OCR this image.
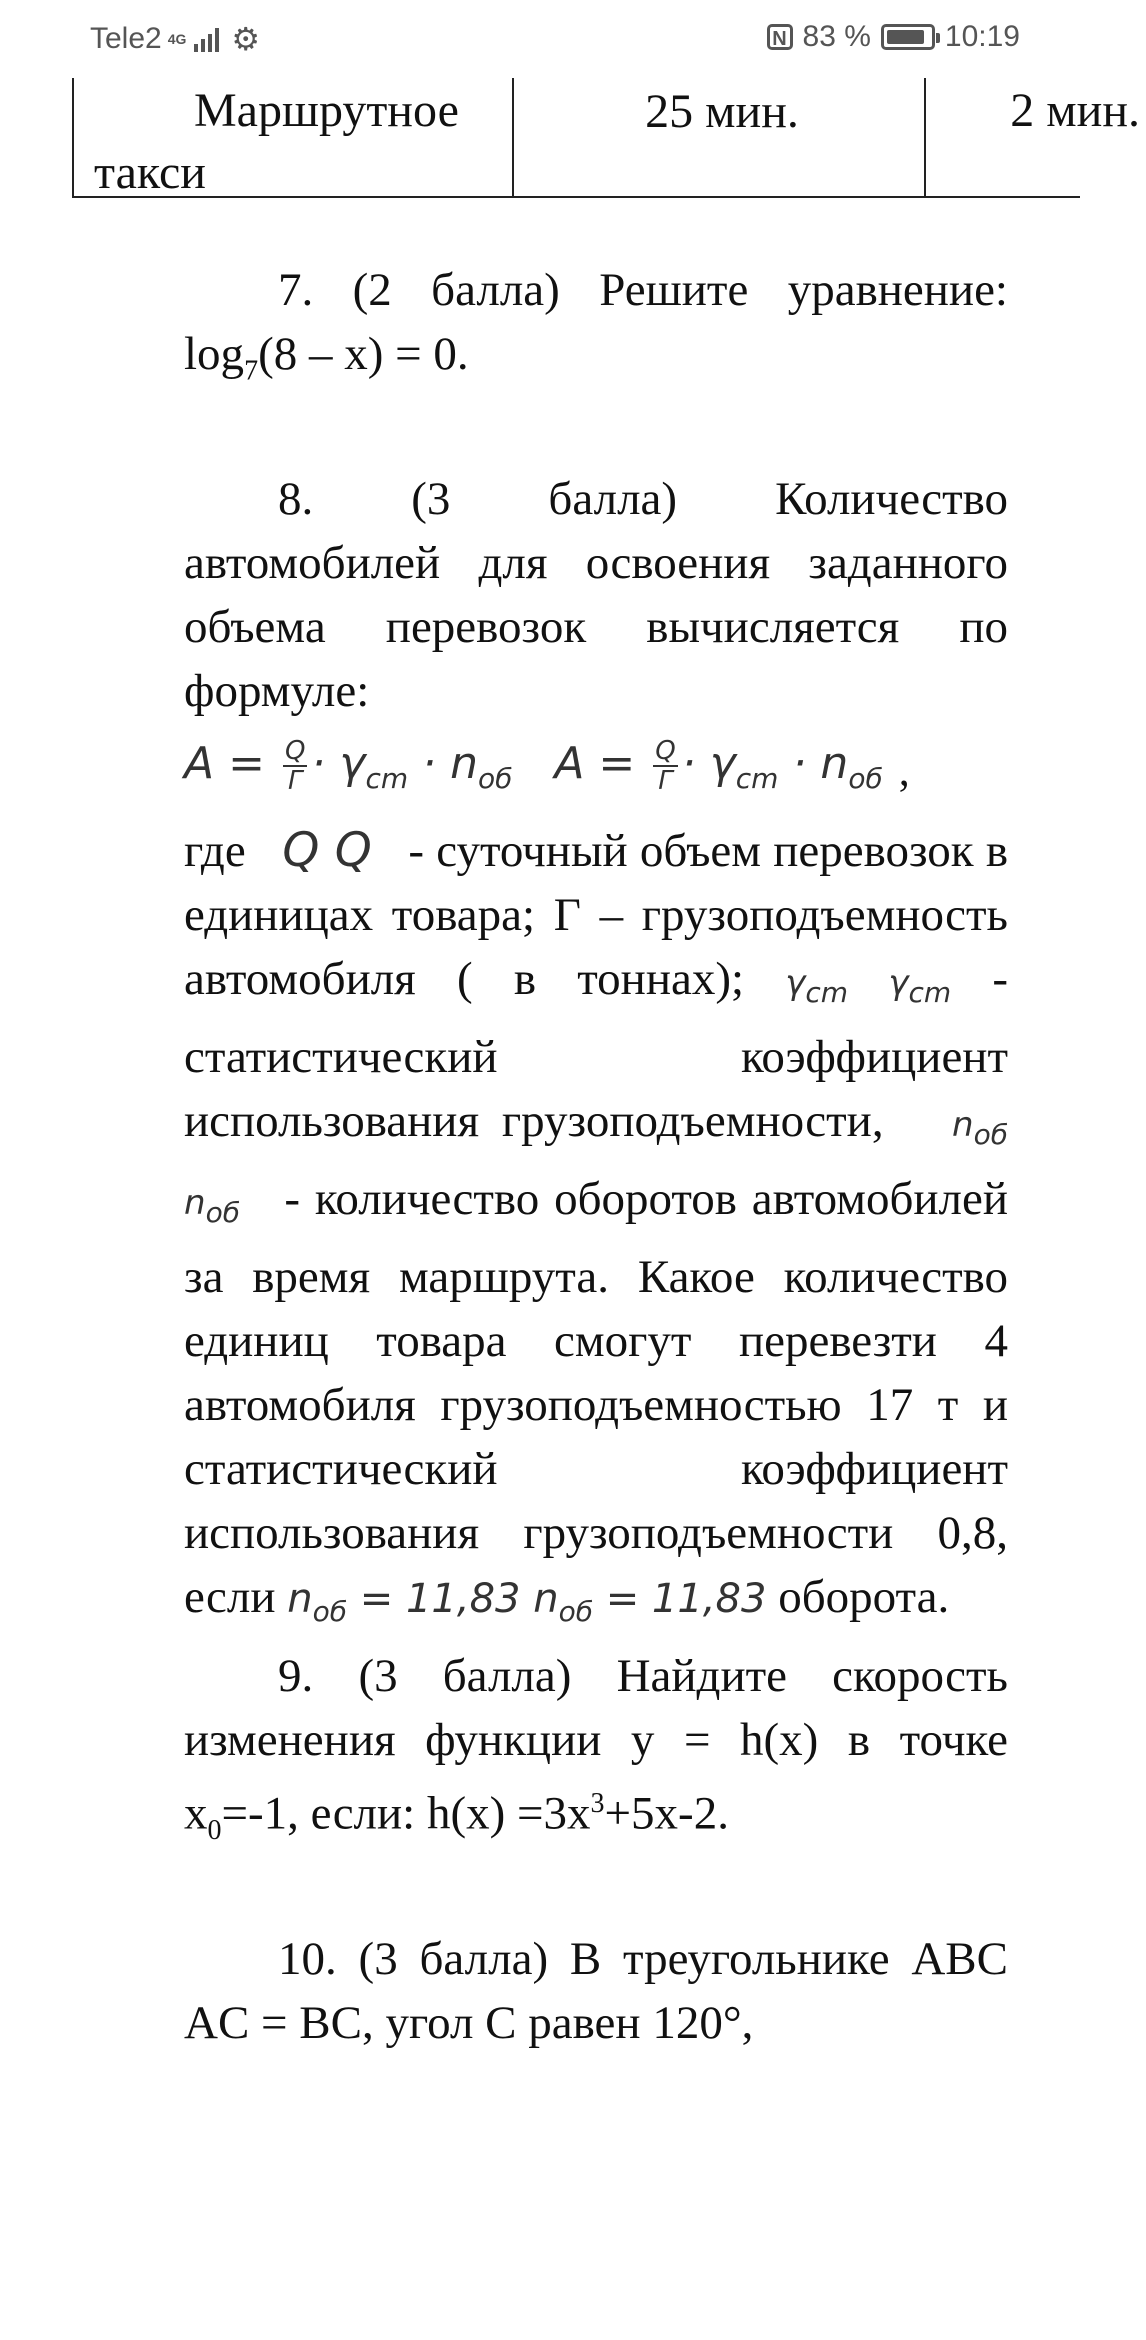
Tele2 4G ⚙	N 83 % 10:19
Маршрутное такси
25 мин.	2 мин.

7. (2 балла) Решите уравнение: $\log_7(8 - x) = 0$.

8. (3 балла) Количество автомобилей для освоения заданного объема перевозок вычисляется по формуле:

$A = \frac{Q}{\Gamma} \cdot \gamma_{cm} \cdot n_{об}$ $A = \frac{Q}{\Gamma} \cdot \gamma_{cm} \cdot n_{об}$ ,

где Q Q - суточный объем перевозок в единицах товара; Г – грузоподъемность автомобиля ( в тоннах); $\gamma_{cm}$ $\gamma_{cm}$ - статистический коэффициент использования грузоподъемности, $n_{об}$ $n_{об}$ - количество оборотов автомобилей за время маршрута. Какое количество единиц товара смогут перевезти 4 автомобиля грузоподъемностью 17 т и статистический коэффициент использования грузоподъемности 0,8, если $n_{об} = 11,83$ $n_{об} = 11,83$ оборота.

9. (3 балла) Найдите скорость изменения функции y = h(x) в точке $x_0=-1$, если: $h(x) =3x^3+5x-2$.

10. (3 балла) В треугольнике ABC AC = BC, угол C равен 120°,
